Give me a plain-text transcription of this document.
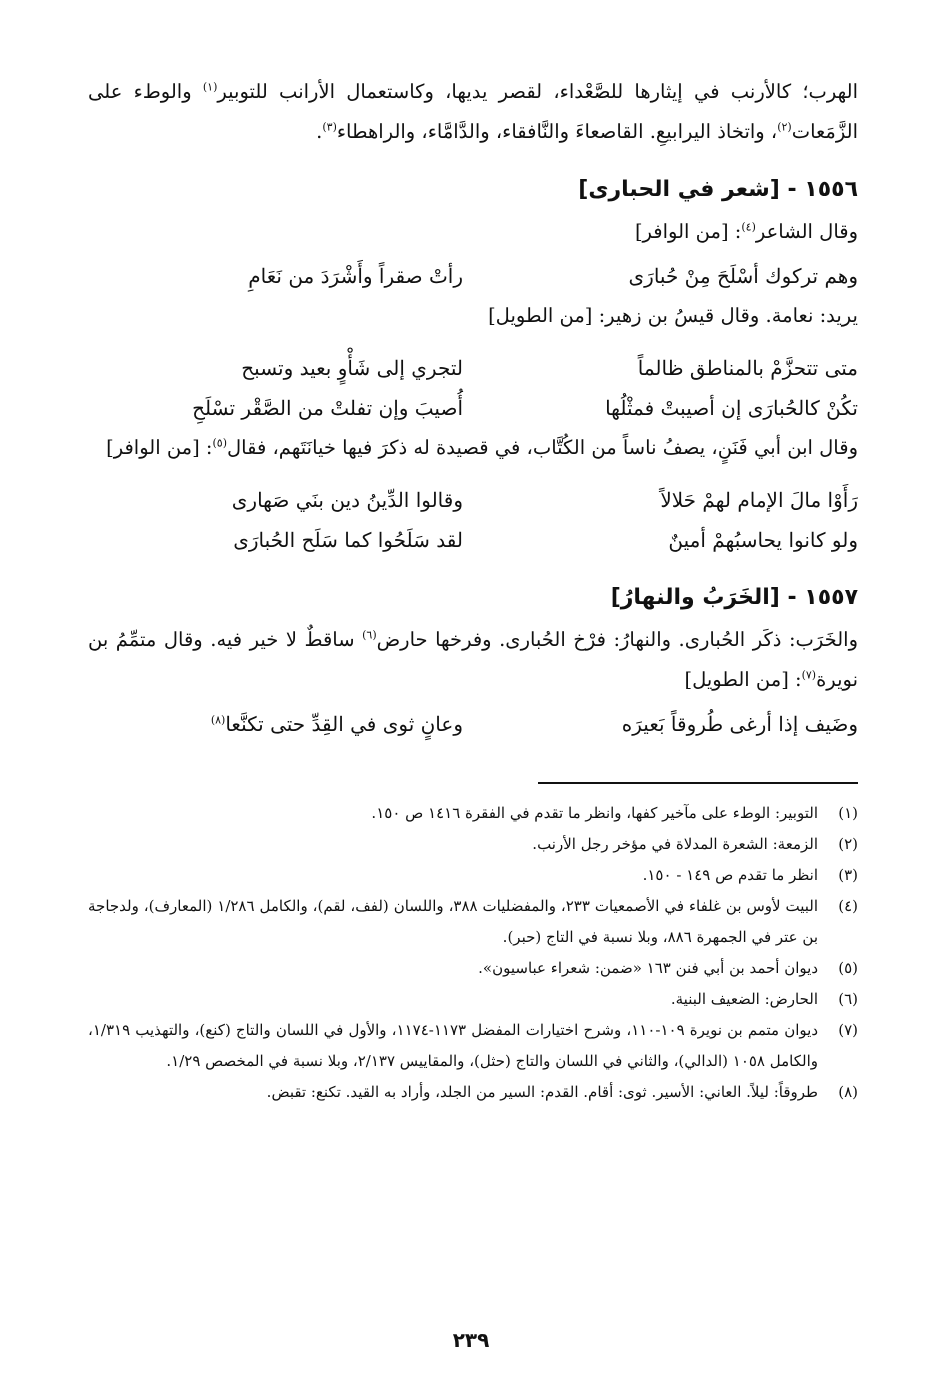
الهرب؛ كالأرنب في إيثارها للصَّعْداء، لقصر يديها، وكاستعمال الأرانب للتوبير$^{(١)}$ والوطء على الزَّمَعات$^{(٢)}$، واتخاذ اليرابيعِ. القاصعاءَ والنَّافقاء، والدَّامَّاء، والراهطاء$^{(٣)}$.

١٥٥٦ - [شعر في الحبارى]

وقال الشاعر$^{(٤)}$: [من الوافر]

وهم تركوك أسْلَحَ مِنْ حُبارَى
رأتْ صقراً وأَشْرَدَ من نَعَامِ

يريد: نعامة. وقال قيسُ بن زهير: [من الطويل]

متى تتحزَّمْ بالمناطق ظالماً
لتجري إلى شَأْوٍ بعيد وتسبح
تكُنْ كالحُبارَى إن أصيبتْ فمثْلُها
أُصيبَ وإن تفلتْ من الصَّقْر تسْلَحِ

وقال ابن أبي فَنَنٍ، يصفُ ناساً من الكُتَّاب، في قصيدة له ذكرَ فيها خيانَتَهم، فقال$^{(٥)}$: [من الوافر]

رَأَوْا مالَ الإمام لهمْ حَلالاً
وقالوا الدِّينُ دين بنَي صَهارى
ولو كانوا يحاسبُهمْ أمينٌ
لقد سَلَحُوا كما سَلَح الحُبارَى
١٥٥٧ - [الخَرَبُ والنهارُ]

والخَرَب: ذكَر الحُبارى. والنهارُ: فرْخ الحُبارى. وفرخها حارض$^{(٦)}$ ساقطٌ لا خير فيه. وقال متمِّمُ بن نويرة$^{(٧)}$: [من الطويل]

وضَيف إذا أرغى طُروقاً بَعيرَه
وعانٍ ثوى في القِدِّ حتى تكنَّعا$^{(٨)}$
(١)
التوبير: الوطء على مآخير كفها، وانظر ما تقدم في الفقرة ١٤١٦ ص ١٥٠.
(٢)
الزمعة: الشعرة المدلاة في مؤخر رجل الأرنب.
(٣)
انظر ما تقدم ص ١٤٩ - ١٥٠.
(٤)
البيت لأوس بن غلفاء في الأصمعيات ٢٣٣، والمفضليات ٣٨٨، واللسان (لفف، لقم)، والكامل ١/٢٨٦ (المعارف)، ولدجاجة بن عتر في الجمهرة ٨٨٦، وبلا نسبة في التاج (حبر).
(٥)
ديوان أحمد بن أبي فنن ١٦٣ «ضمن: شعراء عباسيون».
(٦)
الحارض: الضعيف البنية.
(٧)
ديوان متمم بن نويرة ١٠٩-١١٠، وشرح اختيارات المفضل ١١٧٣-١١٧٤، والأول في اللسان والتاج (كنع)، والتهذيب ١/٣١٩، والكامل ١٠٥٨ (الدالي)، والثاني في اللسان والتاج (حثل)، والمقاييس ٢/١٣٧، وبلا نسبة في المخصص ١/٢٩.
(٨)
طروقاً: ليلاً. العاني: الأسير. ثوى: أقام. القدم: السير من الجلد، وأراد به القيد. تكنع: تقبض.
٢٣٩
